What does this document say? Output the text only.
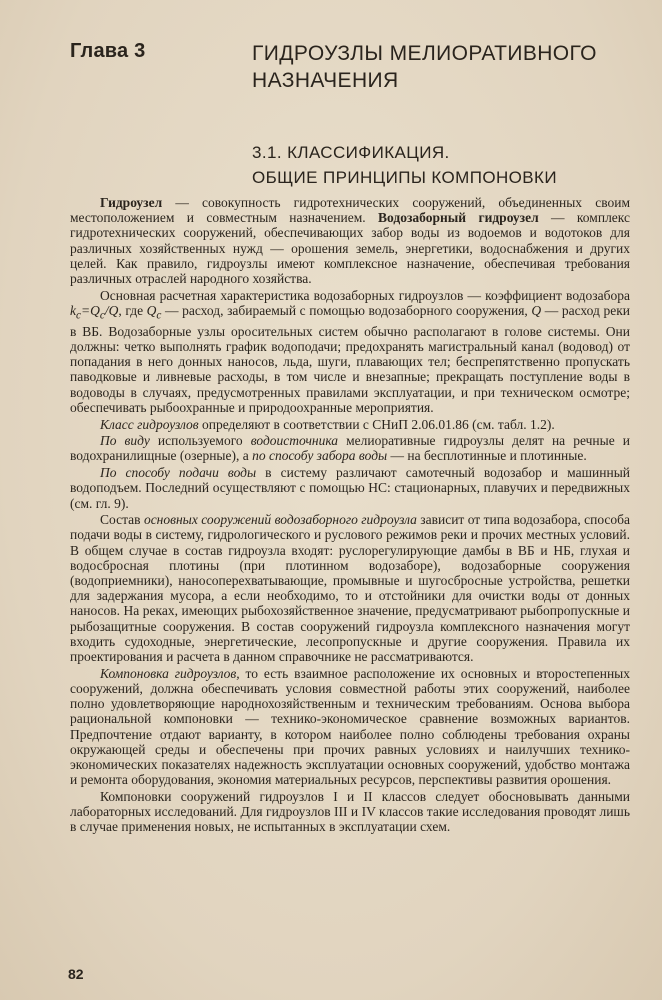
Глава 3	ГИДРОУЗЛЫ МЕЛИОРАТИВНОГО
НАЗНАЧЕНИЯ
3.1. КЛАССИФИКАЦИЯ.
ОБЩИЕ ПРИНЦИПЫ КОМПОНОВКИ

Гидроузел — совокупность гидротехнических сооружений, объединенных своим местоположением и совместным назначением. Водозаборный гидроузел — комплекс гидротехнических сооружений, обеспечивающих забор воды из водоемов и водотоков для различных хозяйственных нужд — орошения земель, энергетики, водоснабжения и других целей. Как правило, гидроузлы имеют комплексное назначение, обеспечивая требования различных отраслей народного хозяйства.

Основная расчетная характеристика водозаборных гидроузлов — коэффициент водозабора $k_c=Q_c/Q$, где $Q_c$ — расход, забираемый с помощью водозаборного сооружения, Q — расход реки в ВБ. Водозаборные узлы оросительных систем обычно располагают в голове системы. Они должны: четко выполнять график водоподачи; предохранять магистральный канал (водовод) от попадания в него донных наносов, льда, шуги, плавающих тел; беспрепятственно пропускать паводковые и ливневые расходы, в том числе и внезапные; прекращать поступление воды в водоводы в случаях, предусмотренных правилами эксплуатации, и при техническом осмотре; обеспечивать рыбоохранные и природоохранные мероприятия.

Класс гидроузлов определяют в соответствии с СНиП 2.06.01.86 (см. табл. 1.2).

По виду используемого водоисточника мелиоративные гидроузлы делят на речные и водохранилищные (озерные), а по способу забора воды — на бесплотинные и плотинные.

По способу подачи воды в систему различают самотечный водозабор и машинный водоподъем. Последний осуществляют с помощью НС: стационарных, плавучих и передвижных (см. гл. 9).

Состав основных сооружений водозаборного гидроузла зависит от типа водозабора, способа подачи воды в систему, гидрологического и руслового режимов реки и прочих местных условий. В общем случае в состав гидроузла входят: руслорегулирующие дамбы в ВБ и НБ, глухая и водосбросная плотины (при плотинном водозаборе), водозаборные сооружения (водоприемники), наносоперехватывающие, промывные и шугосбросные устройства, решетки для задержания мусора, а если необходимо, то и отстойники для очистки воды от донных наносов. На реках, имеющих рыбохозяйственное значение, предусматривают рыбопропускные и рыбозащитные сооружения. В состав сооружений гидроузла комплексного назначения могут входить судоходные, энергетические, лесопропускные и другие сооружения. Правила их проектирования и расчета в данном справочнике не рассматриваются.

Компоновка гидроузлов, то есть взаимное расположение их основных и второстепенных сооружений, должна обеспечивать условия совместной работы этих сооружений, наиболее полно удовлетворяющие народнохозяйственным и техническим требованиям. Основа выбора рациональной компоновки — технико-экономическое сравнение возможных вариантов. Предпочтение отдают варианту, в котором наиболее полно соблюдены требования охраны окружающей среды и обеспечены при прочих равных условиях и наилучших технико-экономических показателях надежность эксплуатации основных сооружений, удобство монтажа и ремонта оборудования, экономия материальных ресурсов, перспективы развития орошения.

Компоновки сооружений гидроузлов I и II классов следует обосновывать данными лабораторных исследований. Для гидроузлов III и IV классов такие исследования проводят лишь в случае применения новых, не испытанных в эксплуатации схем.

82
